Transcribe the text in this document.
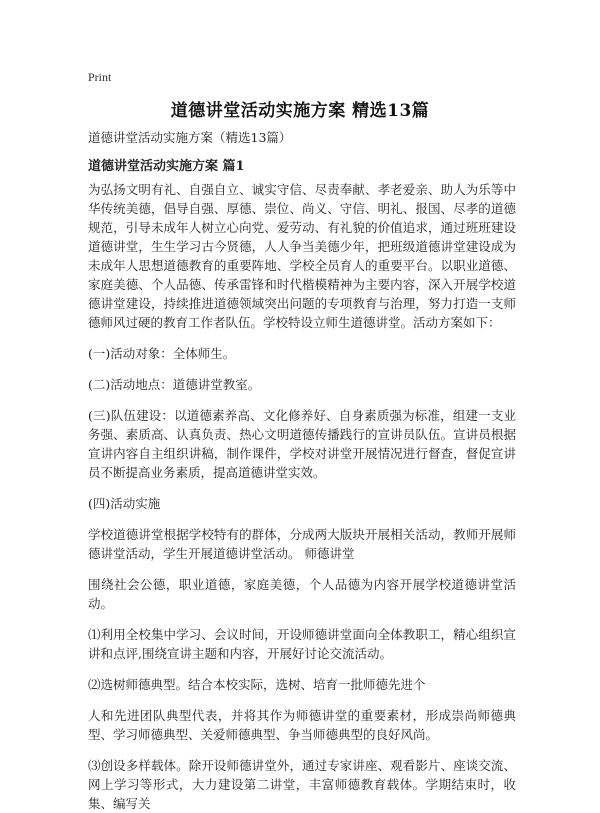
Print
道德讲堂活动实施方案 精选13篇

道德讲堂活动实施方案（精选13篇）

道德讲堂活动实施方案 篇1

为弘扬文明有礼、自强自立、诚实守信、尽责奉献、孝老爱亲、助人为乐等中华传统美德，倡导自强、厚德、崇位、尚义、守信、明礼、报国、尽孝的道德规范，引导未成年人树立心向党、爱劳动、有礼貌的价值追求，通过班班建设道德讲堂，生生学习古今贤德，人人争当美德少年，把班级道德讲堂建设成为未成年人思想道德教育的重要阵地、学校全员育人的重要平台。以职业道德、家庭美德、个人品德、传承雷锋和时代楷模精神为主要内容，深入开展学校道德讲堂建设，持续推进道德领域突出问题的专项教育与治理，努力打造一支师德师风过硬的教育工作者队伍。学校特设立师生道德讲堂。活动方案如下：

(一)活动对象：全体师生。

(二)活动地点：道德讲堂教室。

(三)队伍建设：以道德素养高、文化修养好、自身素质强为标准，组建一支业务强、素质高、认真负责、热心文明道德传播践行的宣讲员队伍。宣讲员根据宣讲内容自主组织讲稿，制作课件，学校对讲堂开展情况进行督查，督促宣讲员不断提高业务素质，提高道德讲堂实效。

(四)活动实施

学校道德讲堂根据学校特有的群体，分成两大版块开展相关活动，教师开展师德讲堂活动，学生开展道德讲堂活动。 师德讲堂

围绕社会公德，职业道德，家庭美德，个人品德为内容开展学校道德讲堂活动。

⑴利用全校集中学习、会议时间，开设师德讲堂面向全体教职工，精心组织宣讲和点评,围绕宣讲主题和内容，开展好讨论交流活动。

⑵选树师德典型。结合本校实际，选树、培育一批师德先进个

人和先进团队典型代表，并将其作为师德讲堂的重要素材，形成崇尚师德典型、学习师德典型、关爱师德典型、争当师德典型的良好风尚。

⑶创设多样载体。除开设师德讲堂外，通过专家讲座、观看影片、座谈交流、网上学习等形式，大力建设第二讲堂，丰富师德教育载体。学期结束时，收集、编写关
